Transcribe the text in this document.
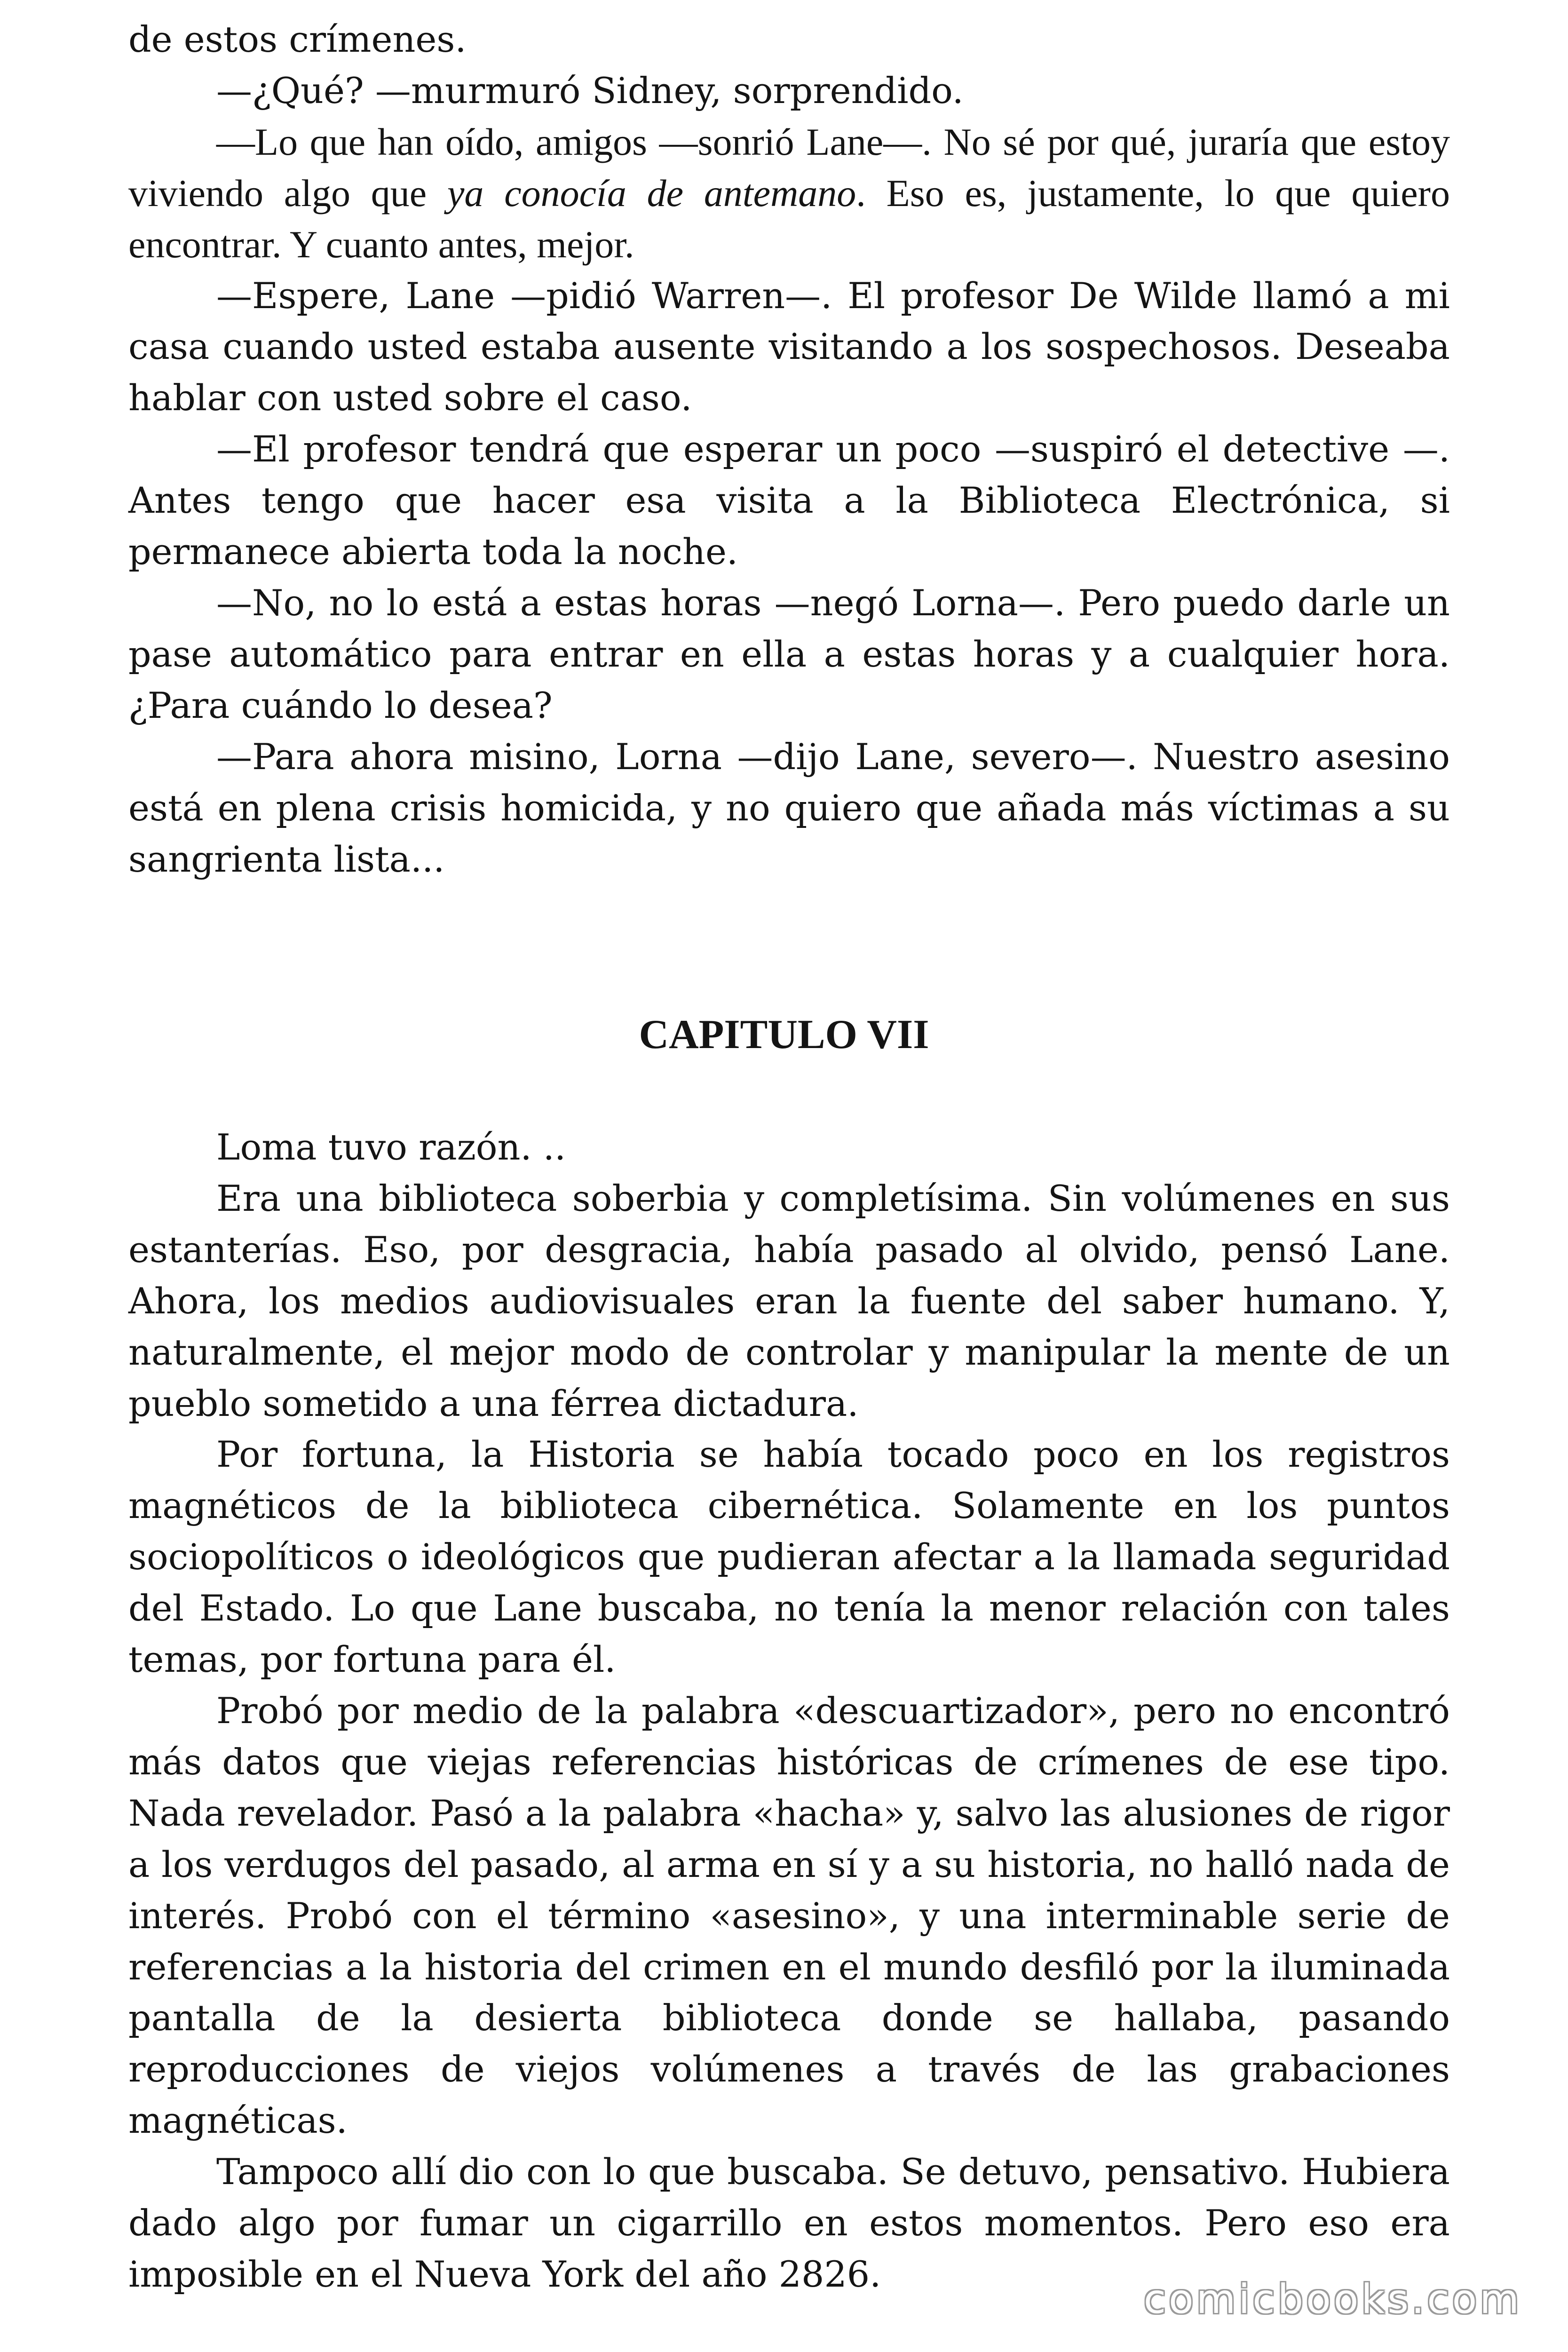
de estos crímenes.

—¿Qué? —murmuró Sidney, sorprendido.

—Lo que han oído, amigos —sonrió Lane—. No sé por qué, juraría que estoy viviendo algo que ya conocía de antemano. Eso es, justamente, lo que quiero encontrar. Y cuanto antes, mejor.

—Espere, Lane —pidió Warren—. El profesor De Wilde llamó a mi casa cuando usted estaba ausente visitando a los sospechosos. Deseaba hablar con usted sobre el caso.

—El profesor tendrá que esperar un poco —suspiró el detective —. Antes tengo que hacer esa visita a la Biblioteca Electrónica, si permanece abierta toda la noche.

—No, no lo está a estas horas —negó Lorna—. Pero puedo darle un pase automático para entrar en ella a estas horas y a cualquier hora. ¿Para cuándo lo desea?

—Para ahora misino, Lorna —dijo Lane, severo—. Nuestro asesino está en plena crisis homicida, y no quiero que añada más víctimas a su sangrienta lista...

CAPITULO VII

Loma tuvo razón. ..

Era una biblioteca soberbia y completísima. Sin volúmenes en sus estanterías. Eso, por desgracia, había pasado al olvido, pensó Lane. Ahora, los medios audiovisuales eran la fuente del saber humano. Y, naturalmente, el mejor modo de controlar y manipular la mente de un pueblo sometido a una férrea dictadura.

Por fortuna, la Historia se había tocado poco en los registros magnéticos de la biblioteca cibernética. Solamente en los puntos sociopolíticos o ideológicos que pudieran afectar a la llamada seguridad del Estado. Lo que Lane buscaba, no tenía la menor relación con tales temas, por fortuna para él.

Probó por medio de la palabra «descuartizador», pero no encontró más datos que viejas referencias históricas de crímenes de ese tipo. Nada revelador. Pasó a la palabra «hacha» y, salvo las alusiones de rigor a los verdugos del pasado, al arma en sí y a su historia, no halló nada de interés. Probó con el término «asesino», y una interminable serie de referencias a la historia del crimen en el mundo desfiló por la iluminada pantalla de la desierta biblioteca donde se hallaba, pasando reproducciones de viejos volúmenes a través de las grabaciones magnéticas.

Tampoco allí dio con lo que buscaba. Se detuvo, pensativo. Hubiera dado algo por fumar un cigarrillo en estos momentos. Pero eso era imposible en el Nueva York del año 2826.

comicbooks.com
